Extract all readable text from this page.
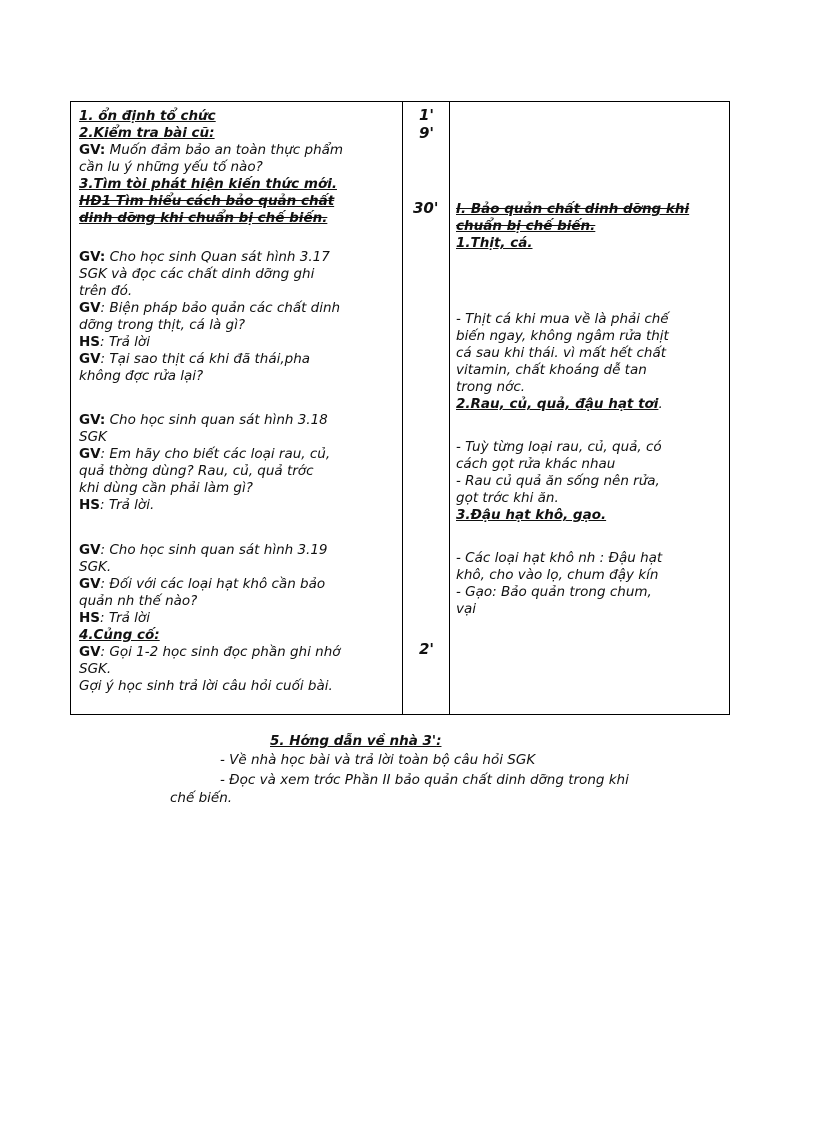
1. ổn định tổ chức
2.Kiểm tra bài cũ:
GV: Muốn đảm bảo an toàn thực phẩm
cần lu ý những yếu tố nào?
3.Tìm tòi phát hiện kiến thức mới.
HĐ1 Tìm hiểu cách bảo quản chất
dinh dỡng khi chuẩn bị chế biến.
GV: Cho học sinh Quan sát hình 3.17
SGK và đọc các chất dinh dỡng ghi
trên đó.
GV: Biện pháp bảo quản các chất dinh
dỡng trong thịt, cá là gì?
HS: Trả lời
GV: Tại sao thịt cá khi đã thái,pha
không đợc rửa lại?
GV: Cho học sinh quan sát hình 3.18
SGK
GV: Em hãy cho biết các loại rau, củ,
quả thờng dùng? Rau, củ, quả trớc
khi dùng cần phải làm gì?
HS: Trả lời.
GV: Cho học sinh quan sát hình 3.19
SGK.
GV: Đối với các loại hạt khô cần bảo
quản nh thế nào?
HS: Trả lời
4.Củng cố:
GV: Gọi 1-2 học sinh đọc phần ghi nhớ
SGK.
Gợi ý học sinh trả lời câu hỏi cuối bài.

1'
9'
30'
2'

I. Bảo quản chất dinh dỡng khi
chuẩn bị chế biến.
1.Thịt, cá.
- Thịt cá khi mua về là phải chế
biến ngay, không ngâm rửa thịt
cá sau khi thái. vì mất hết chất
vitamin, chất khoáng dễ tan
trong nớc.
2.Rau, củ, quả, đậu hạt tơi.
- Tuỳ từng loại rau, củ, quả, có
cách gọt rửa khác nhau
- Rau củ quả ăn sống nên rửa,
gọt trớc khi ăn.
3.Đậu hạt khô, gạo.
- Các loại hạt khô nh : Đậu hạt
khô, cho vào lọ, chum đậy kín
- Gạo: Bảo quản trong chum,
vại
5. Hớng dẫn về nhà 3':
- Về nhà học bài và trả lời toàn bộ câu hỏi SGK
- Đọc và xem trớc Phần II bảo quản chất dinh dỡng trong khi
chế biến.
